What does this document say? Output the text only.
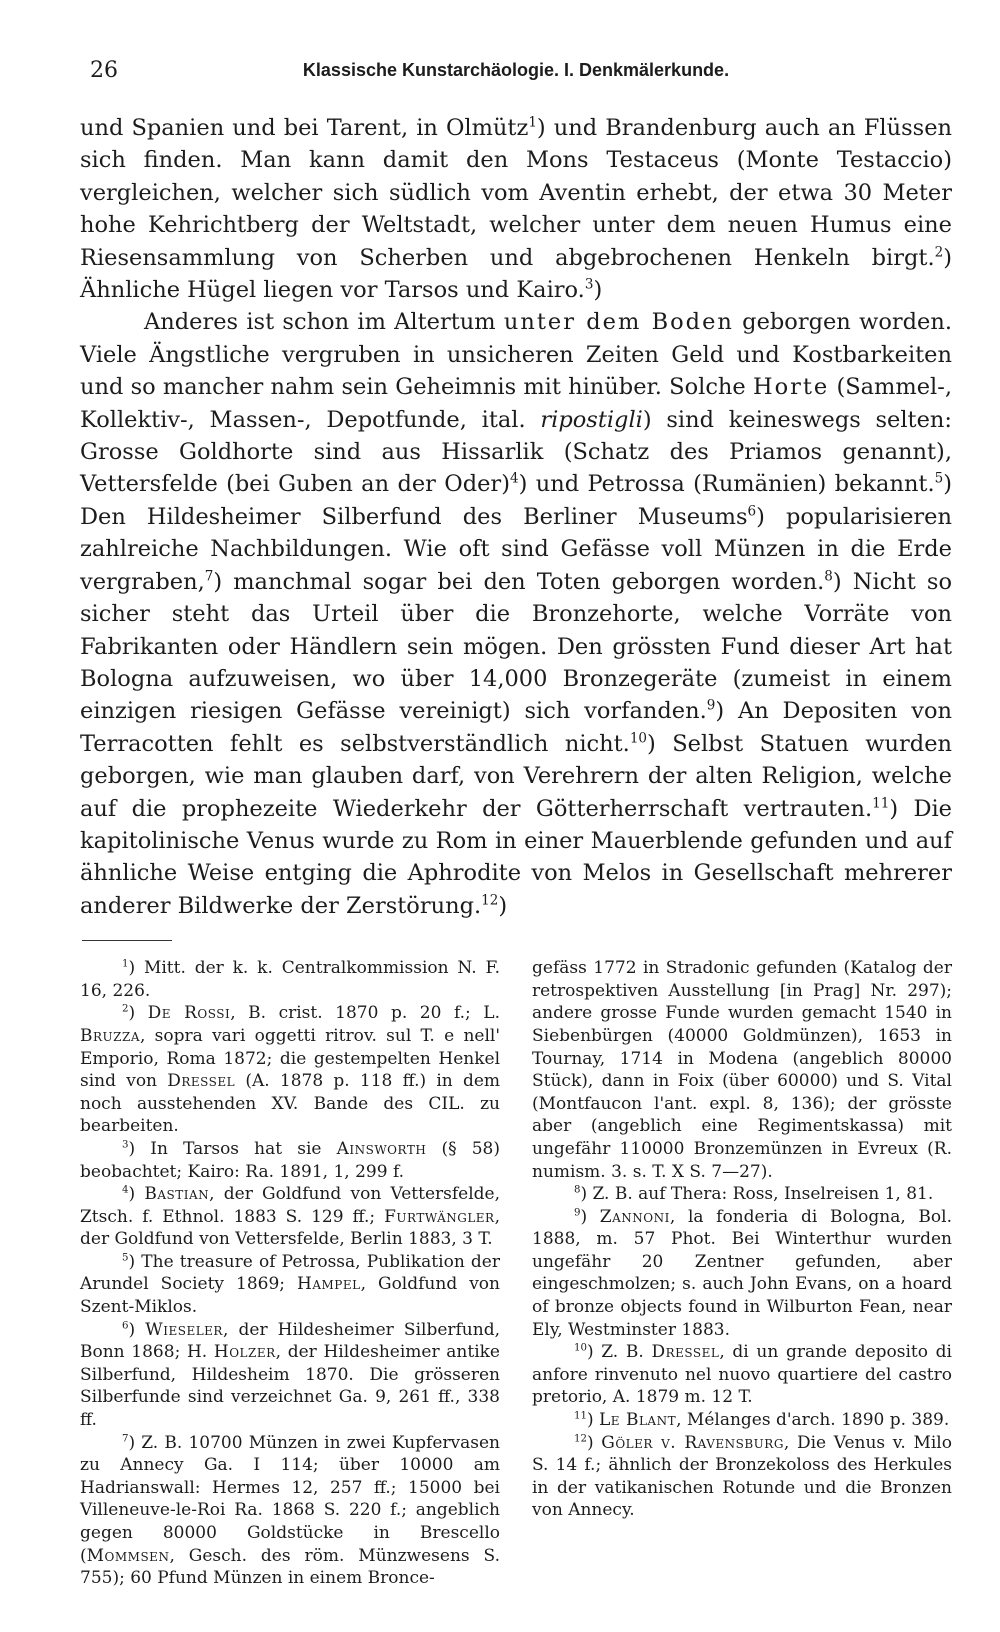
26	Klassische Kunstarchäologie. I. Denkmälerkunde.

und Spanien und bei Tarent, in Olmütz$^1$) und Brandenburg auch an Flüssen sich finden. Man kann damit den Mons Testaceus (Monte Testaccio) vergleichen, welcher sich südlich vom Aventin erhebt, der etwa 30 Meter hohe Kehrichtberg der Weltstadt, welcher unter dem neuen Humus eine Riesensammlung von Scherben und abgebrochenen Henkeln birgt.$^2$) Ähnliche Hügel liegen vor Tarsos und Kairo.$^3$)

Anderes ist schon im Altertum unter dem Boden geborgen worden. Viele Ängstliche vergruben in unsicheren Zeiten Geld und Kostbarkeiten und so mancher nahm sein Geheimnis mit hinüber. Solche Horte (Sammel-, Kollektiv-, Massen-, Depotfunde, ital. ripostigli) sind keineswegs selten: Grosse Goldhorte sind aus Hissarlik (Schatz des Priamos genannt), Vettersfelde (bei Guben an der Oder)$^4$) und Petrossa (Rumänien) bekannt.$^5$) Den Hildesheimer Silberfund des Berliner Museums$^6$) popularisieren zahlreiche Nachbildungen. Wie oft sind Gefässe voll Münzen in die Erde vergraben,$^7$) manchmal sogar bei den Toten geborgen worden.$^8$) Nicht so sicher steht das Urteil über die Bronzehorte, welche Vorräte von Fabrikanten oder Händlern sein mögen. Den grössten Fund dieser Art hat Bologna aufzuweisen, wo über 14,000 Bronzegeräte (zumeist in einem einzigen riesigen Gefässe vereinigt) sich vorfanden.$^9$) An Depositen von Terracotten fehlt es selbstverständlich nicht.$^{10}$) Selbst Statuen wurden geborgen, wie man glauben darf, von Verehrern der alten Religion, welche auf die prophezeite Wiederkehr der Götterherrschaft vertrauten.$^{11}$) Die kapitolinische Venus wurde zu Rom in einer Mauerblende gefunden und auf ähnliche Weise entging die Aphrodite von Melos in Gesellschaft mehrerer anderer Bildwerke der Zerstörung.$^{12}$)

$^1$) Mitt. der k. k. Centralkommission N. F. 16, 226.

$^2$) De Rossi, B. crist. 1870 p. 20 f.; L. Bruzza, sopra vari oggetti ritrov. sul T. e nell' Emporio, Roma 1872; die gestempelten Henkel sind von Dressel (A. 1878 p. 118 ff.) in dem noch ausstehenden XV. Bande des CIL. zu bearbeiten.

$^3$) In Tarsos hat sie Ainsworth (§ 58) beobachtet; Kairo: Ra. 1891, 1, 299 f.

$^4$) Bastian, der Goldfund von Vettersfelde, Ztsch. f. Ethnol. 1883 S. 129 ff.; Furtwängler, der Goldfund von Vettersfelde, Berlin 1883, 3 T.

$^5$) The treasure of Petrossa, Publikation der Arundel Society 1869; Hampel, Goldfund von Szent-Miklos.

$^6$) Wieseler, der Hildesheimer Silberfund, Bonn 1868; H. Holzer, der Hildesheimer antike Silberfund, Hildesheim 1870. Die grösseren Silberfunde sind verzeichnet Ga. 9, 261 ff., 338 ff.

$^7$) Z. B. 10700 Münzen in zwei Kupfervasen zu Annecy Ga. I 114; über 10000 am Hadrianswall: Hermes 12, 257 ff.; 15000 bei Villeneuve-le-Roi Ra. 1868 S. 220 f.; angeblich gegen 80000 Goldstücke in Brescello (Mommsen, Gesch. des röm. Münzwesens S. 755); 60 Pfund Münzen in einem Bronce-

gefäss 1772 in Stradonic gefunden (Katalog der retrospektiven Ausstellung [in Prag] Nr. 297); andere grosse Funde wurden gemacht 1540 in Siebenbürgen (40000 Goldmünzen), 1653 in Tournay, 1714 in Modena (angeblich 80000 Stück), dann in Foix (über 60000) und S. Vital (Montfaucon l'ant. expl. 8, 136); der grösste aber (angeblich eine Regimentskassa) mit ungefähr 110000 Bronzemünzen in Evreux (R. numism. 3. s. T. X S. 7—27).

$^8$) Z. B. auf Thera: Ross, Inselreisen 1, 81.

$^9$) Zannoni, la fonderia di Bologna, Bol. 1888, m. 57 Phot. Bei Winterthur wurden ungefähr 20 Zentner gefunden, aber eingeschmolzen; s. auch John Evans, on a hoard of bronze objects found in Wilburton Fean, near Ely, Westminster 1883.

$^{10}$) Z. B. Dressel, di un grande deposito di anfore rinvenuto nel nuovo quartiere del castro pretorio, A. 1879 m. 12 T.

$^{11}$) Le Blant, Mélanges d'arch. 1890 p. 389.

$^{12}$) Göler v. Ravensburg, Die Venus v. Milo S. 14 f.; ähnlich der Bronzekoloss des Herkules in der vatikanischen Rotunde und die Bronzen von Annecy.
